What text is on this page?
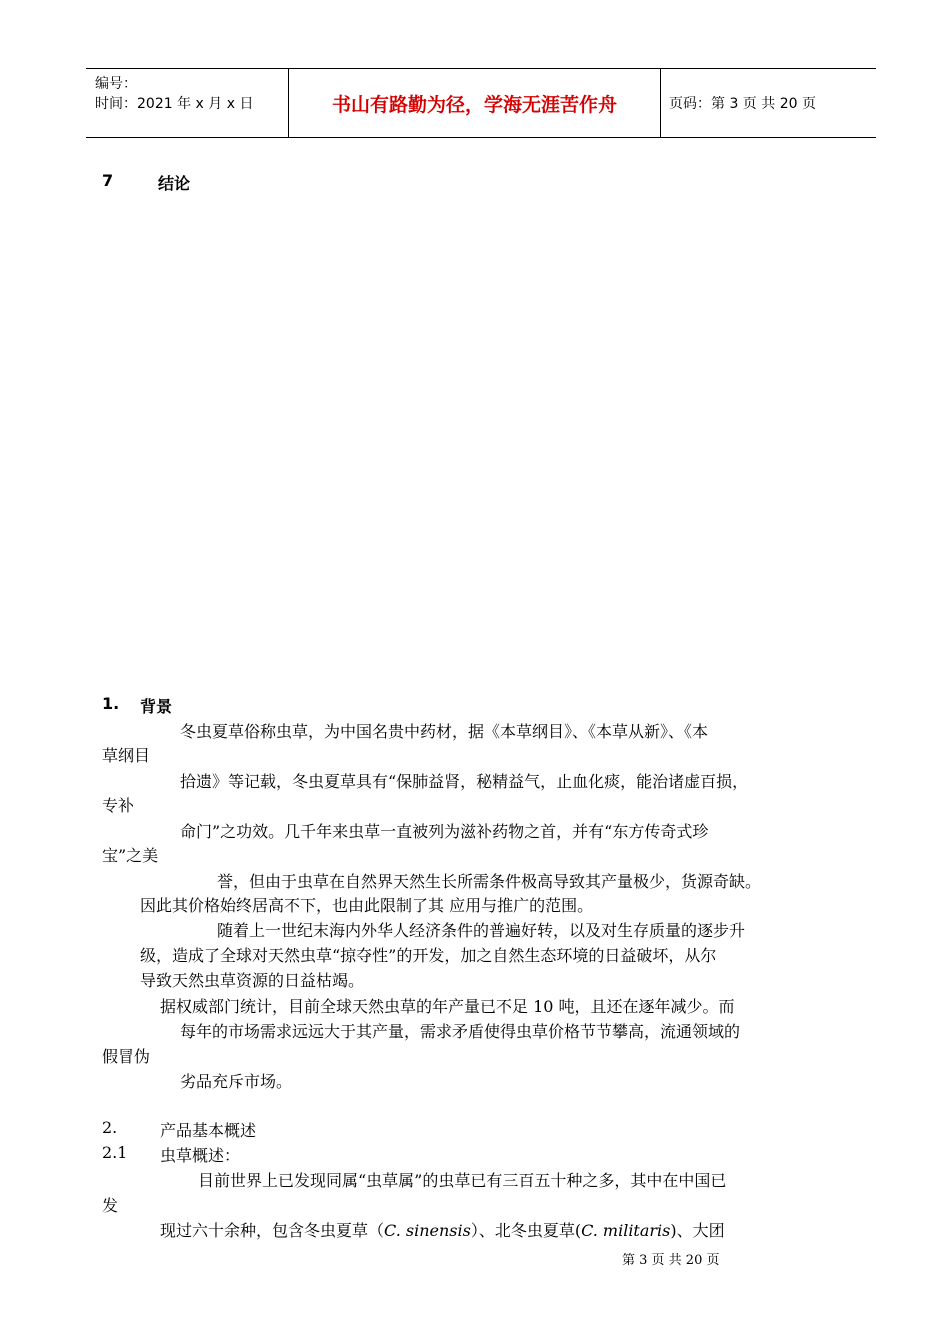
编号：
时间：2021 年 x 月 x 日	书山有路勤为径，学海无涯苦作舟	页码：第 3 页 共 20 页
7	结论
1. 背景
冬虫夏草俗称虫草，为中国名贵中药材，据《本草纲目》、《本草从新》、《本
草纲目
拾遗》等记载，冬虫夏草具有“保肺益肾，秘精益气，止血化痰，能治诸虚百损，
专补
命门”之功效。几千年来虫草一直被列为滋补药物之首，并有“东方传奇式珍
宝”之美
誉，但由于虫草在自然界天然生长所需条件极高导致其产量极少，货源奇缺。
因此其价格始终居高不下，也由此限制了其 应用与推广的范围。
随着上一世纪末海内外华人经济条件的普遍好转，以及对生存质量的逐步升
级，造成了全球对天然虫草“掠夺性”的开发，加之自然生态环境的日益破坏，从尔
导致天然虫草资源的日益枯竭。
据权威部门统计，目前全球天然虫草的年产量已不足 10 吨，且还在逐年减少。而
每年的市场需求远远大于其产量，需求矛盾使得虫草价格节节攀高，流通领域的
假冒伪
劣品充斥市场。
2.	产品基本概述
2.1 虫草概述：
目前世界上已发现同属“虫草属”的虫草已有三百五十种之多，其中在中国已
发
现过六十余种，包含冬虫夏草（C. sinensis）、北冬虫夏草(C. militaris)、大团
第 3 页 共 20 页
